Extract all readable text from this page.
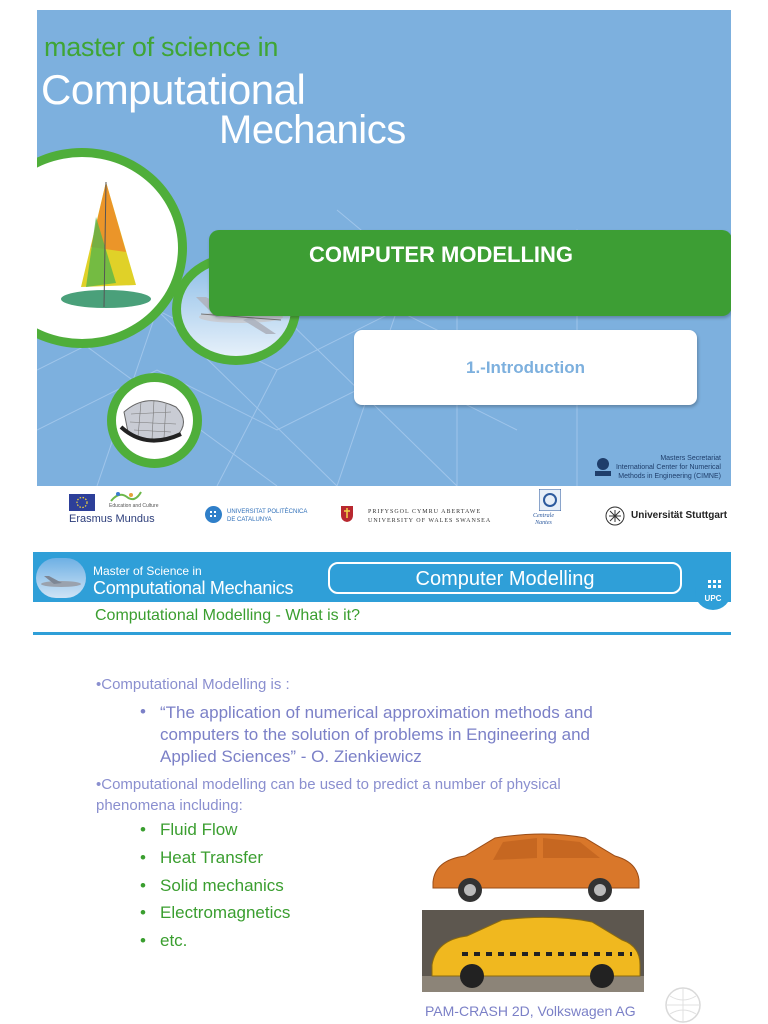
master of science in
Computational
Mechanics
COMPUTER MODELLING
1.-Introduction
Masters Secretariat
International Center for Numerical
Methods in Engineering (CIMNE)
Education and Culture
Erasmus Mundus
UNIVERSITAT POLITÈCNICA
DE CATALUNYA
PRIFYSGOL CYMRU ABERTAWE
UNIVERSITY OF WALES SWANSEA
Centrale
Nantes
Universität Stuttgart
Master of Science in
Computational Mechanics	Computer Modelling
UPC
Computational Modelling - What is it?
•Computational Modelling is :
• “The application of numerical approximation methods and computers to the solution of problems in Engineering and Applied Sciences” - O. Zienkiewicz
•Computational modelling can be used to predict a number of physical
phenomena including:
• Fluid Flow
• Heat Transfer
• Solid mechanics
• Electromagnetics
• etc.
PAM-CRASH 2D, Volkswagen AG
